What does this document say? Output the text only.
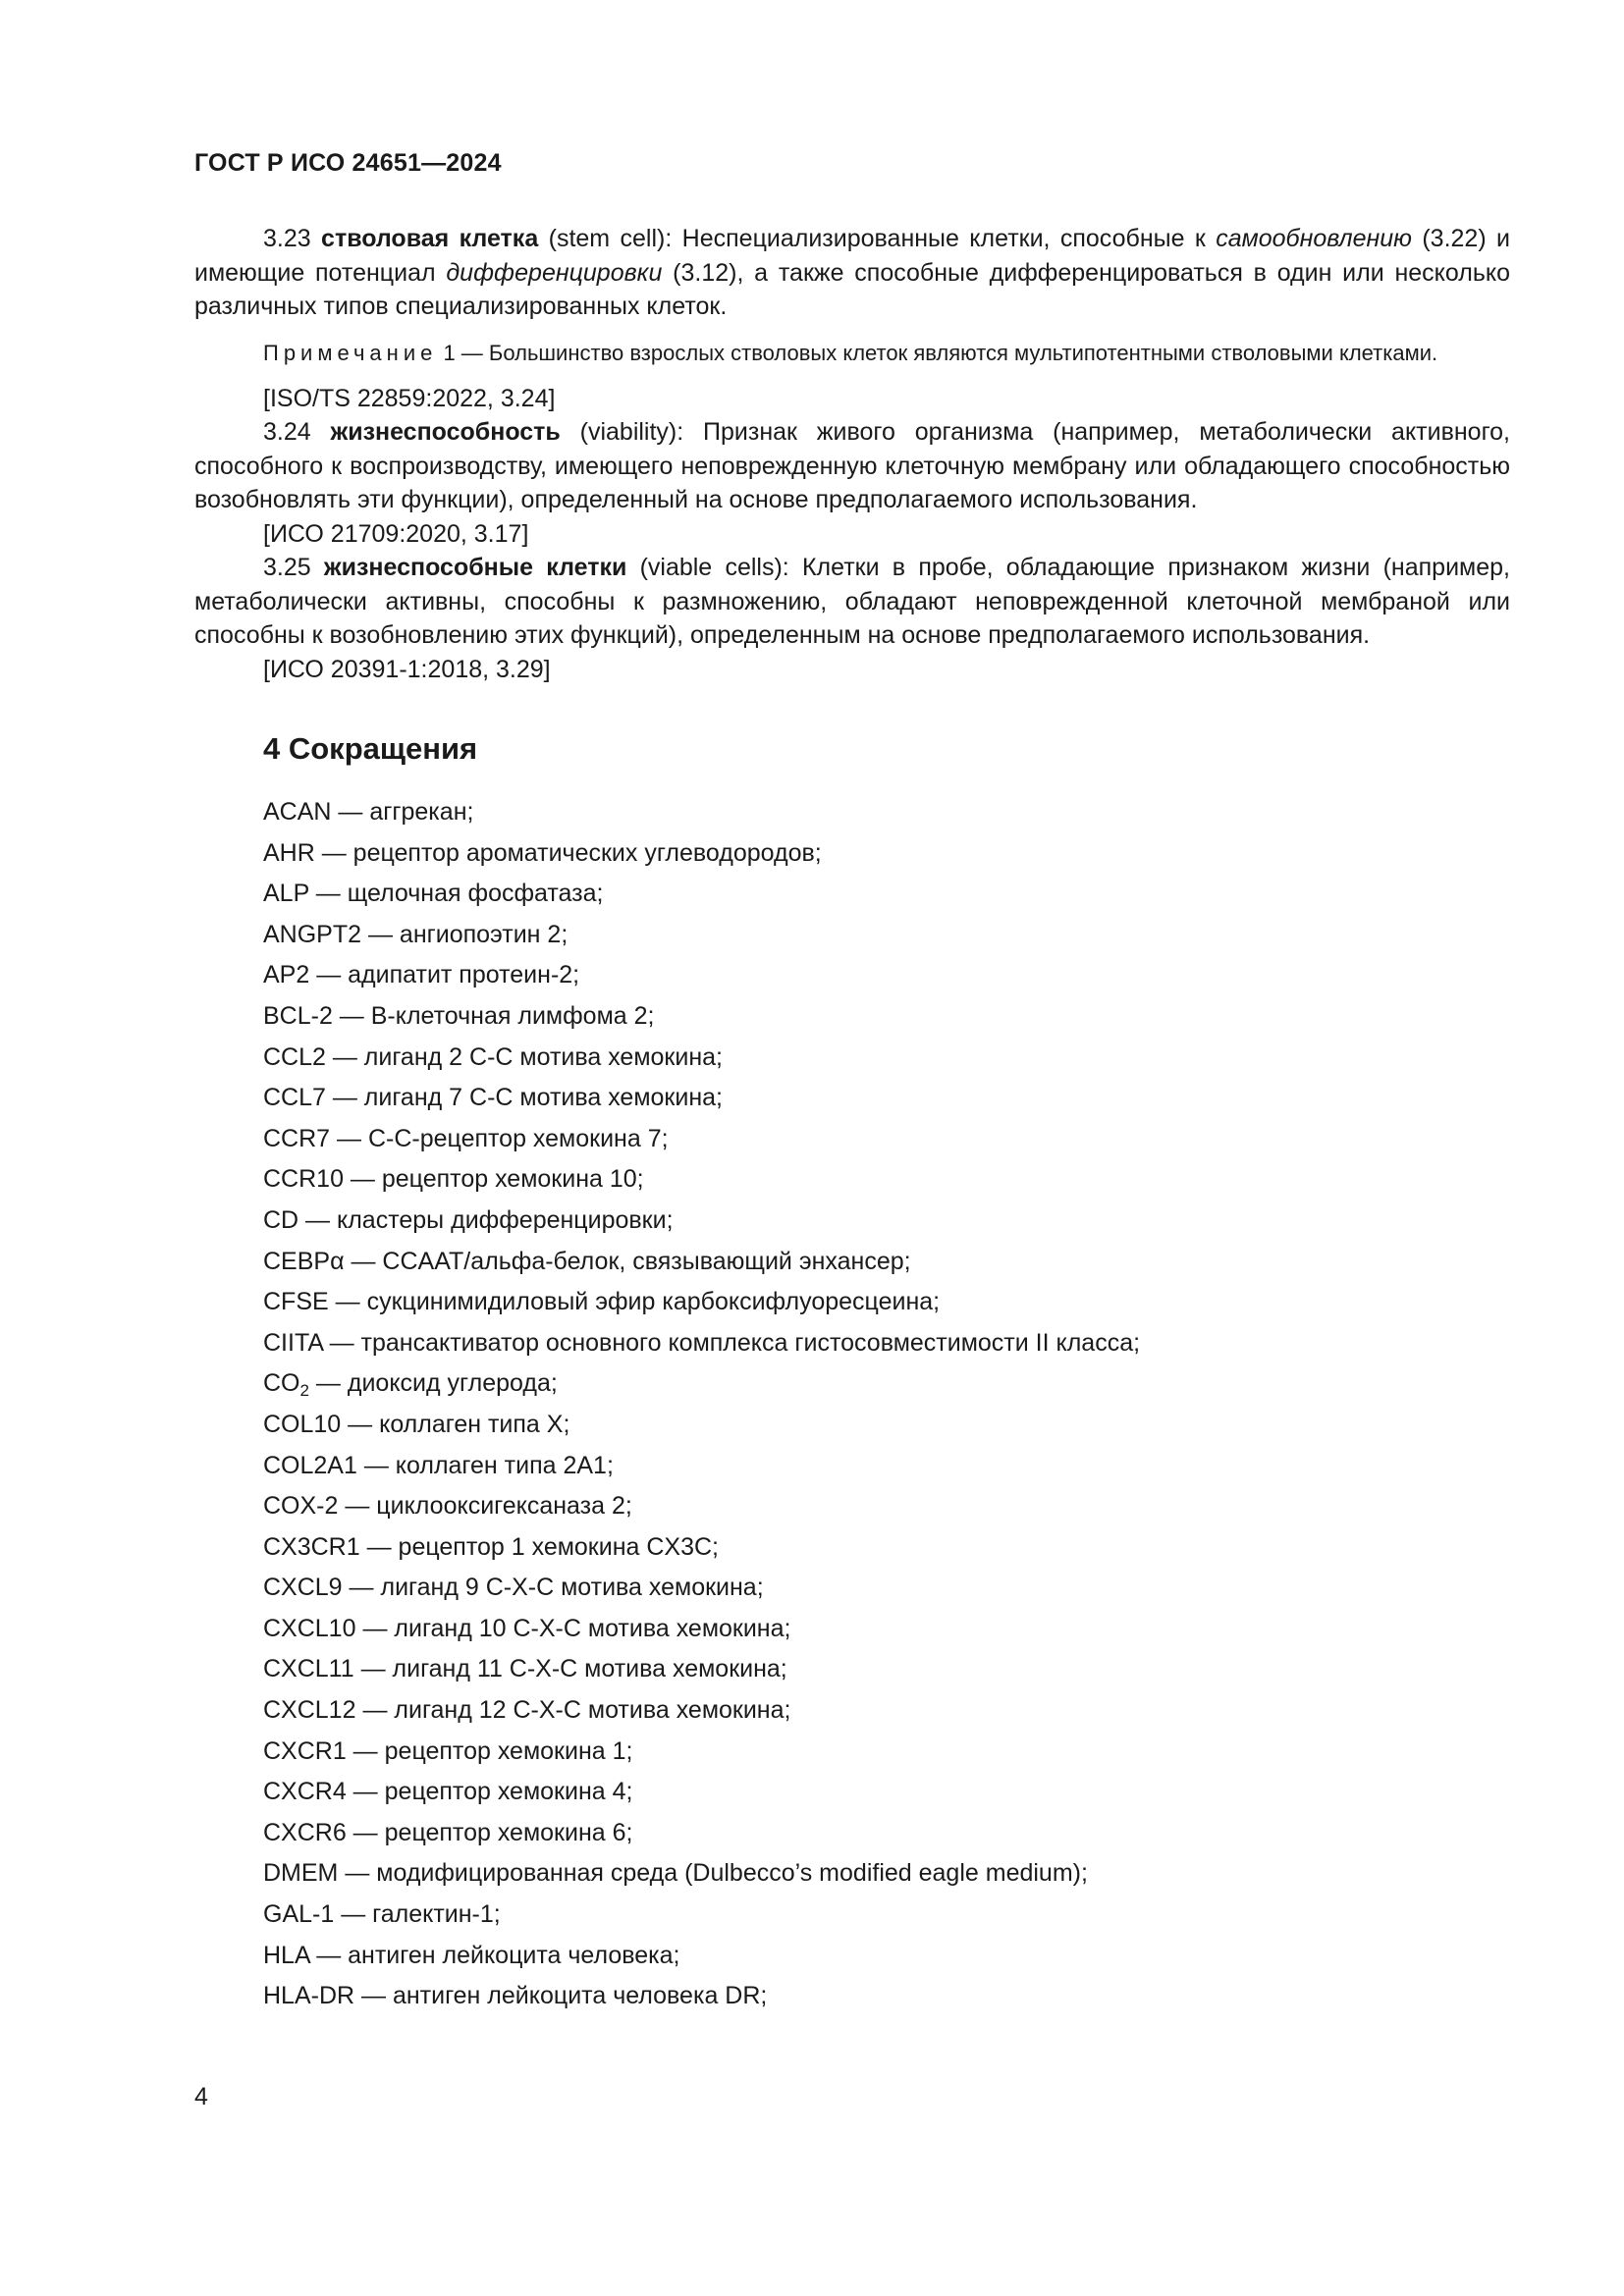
ГОСТ Р ИСО 24651—2024

3.23 стволовая клетка (stem cell): Неспециализированные клетки, способные к самообновлению (3.22) и имеющие потенциал дифференцировки (3.12), а также способные дифференцироваться в один или несколько различных типов специализированных клеток.

Примечание 1 — Большинство взрослых стволовых клеток являются мультипотентными стволовыми клетками.

[ISO/TS 22859:2022, 3.24]

3.24 жизнеспособность (viability): Признак живого организма (например, метаболически активного, способного к воспроизводству, имеющего неповрежденную клеточную мембрану или обладающего способностью возобновлять эти функции), определенный на основе предполагаемого использования.

[ИСО 21709:2020, 3.17]

3.25 жизнеспособные клетки (viable cells): Клетки в пробе, обладающие признаком жизни (например, метаболически активны, способны к размножению, обладают неповрежденной клеточной мембраной или способны к возобновлению этих функций), определенным на основе предполагаемого использования.

[ИСО 20391-1:2018, 3.29]

4 Сокращения
ACAN — аггрекан;
AHR — рецептор ароматических углеводородов;
ALP — щелочная фосфатаза;
ANGPT2 — ангиопоэтин 2;
AP2 — адипатит протеин-2;
BCL-2 — В-клеточная лимфома 2;
CCL2 — лиганд 2 С-С мотива хемокина;
CCL7 — лиганд 7 С-С мотива хемокина;
CCR7 — С-С-рецептор хемокина 7;
CCR10 — рецептор хемокина 10;
CD — кластеры дифференцировки;
CEBPα — CCAAT/альфа-белок, связывающий энхансер;
CFSE — сукцинимидиловый эфир карбоксифлуоресцеина;
CIITA — трансактиватор основного комплекса гистосовместимости II класса;
$CO_2$ — диоксид углерода;
COL10 — коллаген типа X;
COL2A1 — коллаген типа 2A1;
COX-2 — циклооксигексаназа 2;
CX3CR1 — рецептор 1 хемокина CX3C;
CXCL9 — лиганд 9 С-Х-С мотива хемокина;
CXCL10 — лиганд 10 С-Х-С мотива хемокина;
CXCL11 — лиганд 11 С-Х-С мотива хемокина;
CXCL12 — лиганд 12 С-Х-С мотива хемокина;
CXCR1 — рецептор хемокина 1;
CXCR4 — рецептор хемокина 4;
CXCR6 — рецептор хемокина 6;
DMEM — модифицированная среда (Dulbecco’s modified eagle medium);
GAL-1 — галектин-1;
HLA — антиген лейкоцита человека;
HLA-DR — антиген лейкоцита человека DR;
4
